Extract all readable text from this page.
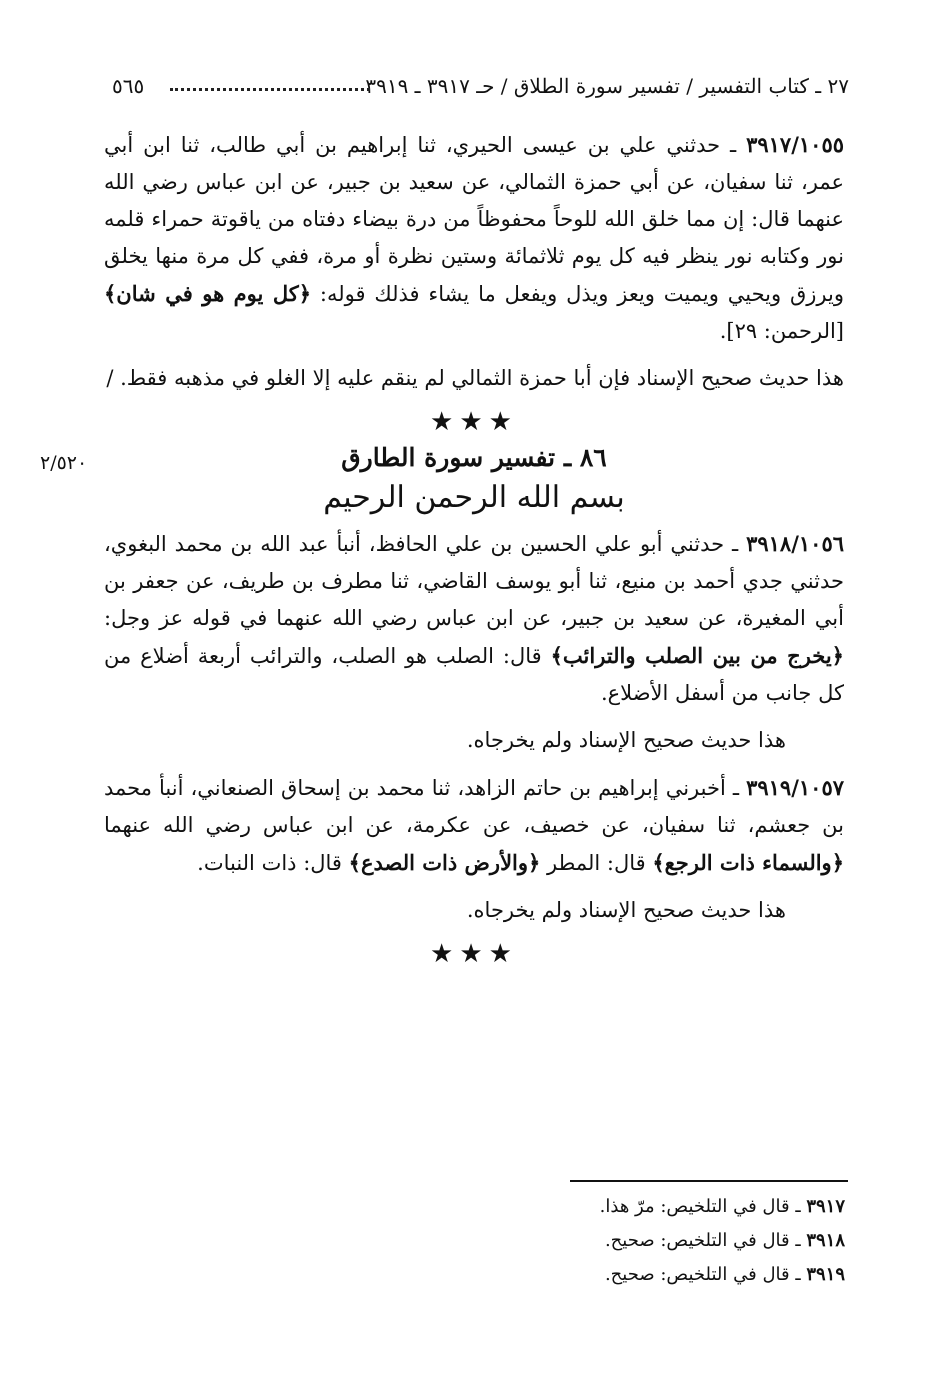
٢٧ ـ كتاب التفسير / تفسير سورة الطلاق / حـ ٣٩١٧ ـ ٣٩١٩
٥٦٥
٢/٥٢٠

٣٩١٧/١٠٥٥ ـ حدثني علي بن عيسى الحيري، ثنا إبراهيم بن أبي طالب، ثنا ابن أبي عمر، ثنا سفيان، عن أبي حمزة الثمالي، عن سعيد بن جبير، عن ابن عباس رضي الله عنهما قال: إن مما خلق الله للوحاً محفوظاً من درة بيضاء دفتاه من ياقوتة حمراء قلمه نور وكتابه نور ينظر فيه كل يوم ثلاثمائة وستين نظرة أو مرة، ففي كل مرة منها يخلق ويرزق ويحيي ويميت ويعز ويذل ويفعل ما يشاء فذلك قوله: ﴿كل يوم هو في شان﴾ [الرحمن: ٢٩].

هذا حديث صحيح الإسناد فإن أبا حمزة الثمالي لم ينقم عليه إلا الغلو في مذهبه فقط. /

★★★
٨٦ ـ تفسير سورة الطارق
بسم الله الرحمن الرحيم

٣٩١٨/١٠٥٦ ـ حدثني أبو علي الحسين بن علي الحافظ، أنبأ عبد الله بن محمد البغوي، حدثني جدي أحمد بن منيع، ثنا أبو يوسف القاضي، ثنا مطرف بن طريف، عن جعفر بن أبي المغيرة، عن سعيد بن جبير، عن ابن عباس رضي الله عنهما في قوله عز وجل: ﴿يخرج من بين الصلب والترائب﴾ قال: الصلب هو الصلب، والترائب أربعة أضلاع من كل جانب من أسفل الأضلاع.

هذا حديث صحيح الإسناد ولم يخرجاه.

٣٩١٩/١٠٥٧ ـ أخبرني إبراهيم بن حاتم الزاهد، ثنا محمد بن إسحاق الصنعاني، أنبأ محمد بن جعشم، ثنا سفيان، عن خصيف، عن عكرمة، عن ابن عباس رضي الله عنهما ﴿والسماء ذات الرجع﴾ قال: المطر ﴿والأرض ذات الصدع﴾ قال: ذات النبات.

هذا حديث صحيح الإسناد ولم يخرجاه.

★★★
٣٩١٧ ـ قال في التلخيص: مرّ هذا.
٣٩١٨ ـ قال في التلخيص: صحيح.
٣٩١٩ ـ قال في التلخيص: صحيح.
